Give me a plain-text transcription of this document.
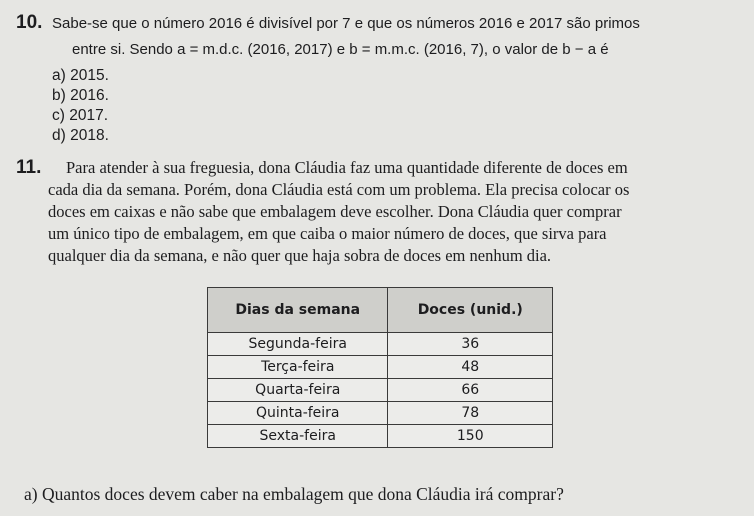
10. Sabe-se que o número 2016 é divisível por 7 e que os números 2016 e 2017 são primos
entre si. Sendo a = m.d.c. (2016, 2017) e b = m.m.c. (2016, 7), o valor de b − a é
a) 2015.
b) 2016.
c) 2017.
d) 2018.
11. Para atender à sua freguesia, dona Cláudia faz uma quantidade diferente de doces em
cada dia da semana. Porém, dona Cláudia está com um problema. Ela precisa colocar os
doces em caixas e não sabe que embalagem deve escolher. Dona Cláudia quer comprar
um único tipo de embalagem, em que caiba o maior número de doces, que sirva para
qualquer dia da semana, e não quer que haja sobra de doces em nenhum dia.
Dias da semana	Doces (unid.)
Segunda-feira	36
Terça-feira	48
Quarta-feira	66
Quinta-feira	78
Sexta-feira	150
a) Quantos doces devem caber na embalagem que dona Cláudia irá comprar?
